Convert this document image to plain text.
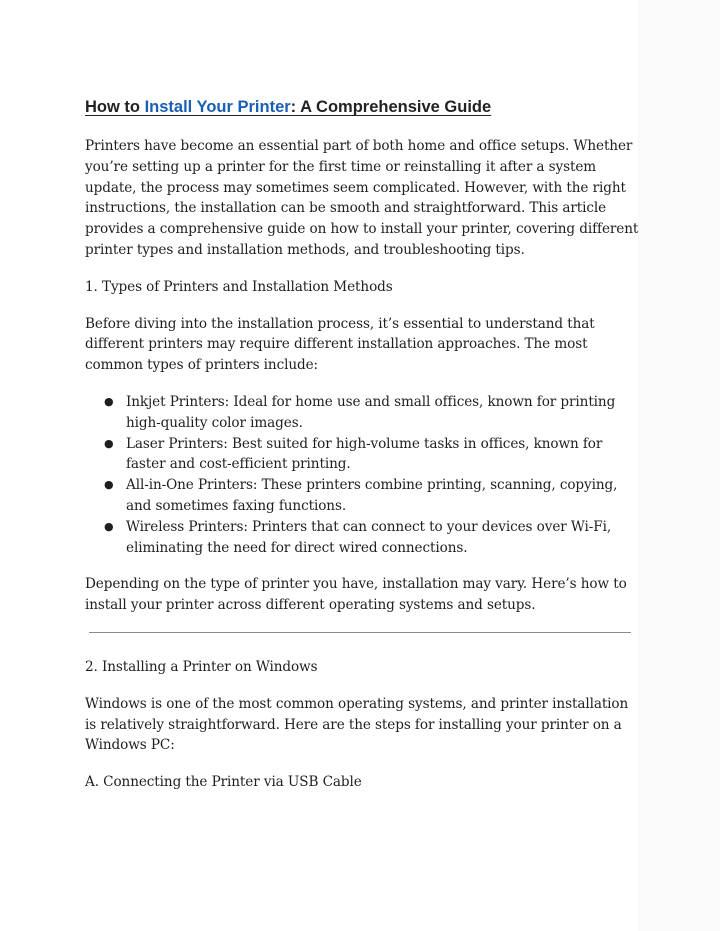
How to Install Your Printer: A Comprehensive Guide

Printers have become an essential part of both home and office setups. Whether you’re setting up a printer for the first time or reinstalling it after a system update, the process may sometimes seem complicated. However, with the right instructions, the installation can be smooth and straightforward. This article provides a comprehensive guide on how to install your printer, covering different printer types and installation methods, and troubleshooting tips.

1. Types of Printers and Installation Methods

Before diving into the installation process, it’s essential to understand that different printers may require different installation approaches. The most common types of printers include:

● Inkjet Printers: Ideal for home use and small offices, known for printing high-quality color images.
● Laser Printers: Best suited for high-volume tasks in offices, known for faster and cost-efficient printing.
● All-in-One Printers: These printers combine printing, scanning, copying, and sometimes faxing functions.
● Wireless Printers: Printers that can connect to your devices over Wi-Fi, eliminating the need for direct wired connections.

Depending on the type of printer you have, installation may vary. Here’s how to install your printer across different operating systems and setups.

2. Installing a Printer on Windows

Windows is one of the most common operating systems, and printer installation is relatively straightforward. Here are the steps for installing your printer on a Windows PC:

A. Connecting the Printer via USB Cable
